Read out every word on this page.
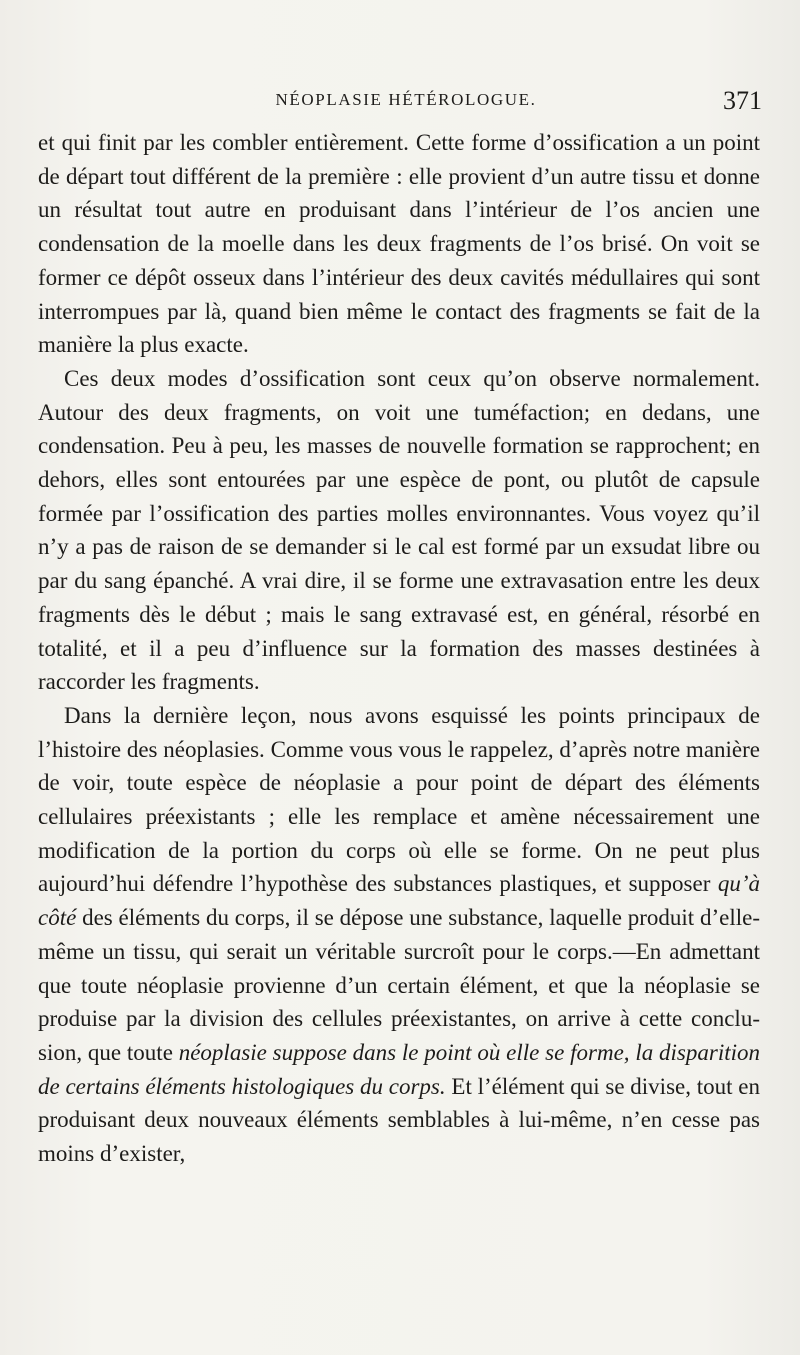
NÉOPLASIE HÉTÉROLOGUE.	371

et qui finit par les combler entièrement. Cette forme d’ossification a un point de départ tout différent de la première : elle provient d’un autre tissu et donne un résultat tout autre en produisant dans l’intérieur de l’os ancien une condensation de la moelle dans les deux fragments de l’os brisé. On voit se former ce dépôt osseux dans l’intérieur des deux cavités médullaires qui sont interrompues par là, quand bien même le contact des fragments se fait de la manière la plus exacte.

Ces deux modes d’ossification sont ceux qu’on observe normalement. Autour des deux fragments, on voit une tuméfaction; en dedans, une condensation. Peu à peu, les masses de nouvelle formation se rapprochent; en dehors, elles sont entourées par une espèce de pont, ou plutôt de capsule formée par l’ossification des parties molles environnantes. Vous voyez qu’il n’y a pas de raison de se demander si le cal est formé par un exsudat libre ou par du sang épanché. A vrai dire, il se forme une extravasation entre les deux fragments dès le début ; mais le sang extravasé est, en général, résorbé en totalité, et il a peu d’influence sur la formation des masses destinées à raccorder les fragments.

Dans la dernière leçon, nous avons esquissé les points principaux de l’histoire des néoplasies. Comme vous vous le rappelez, d’après notre manière de voir, toute espèce de néoplasie a pour point de départ des éléments cellulaires préexistants ; elle les remplace et amène nécessairement une modification de la portion du corps où elle se forme. On ne peut plus aujourd’hui défendre l’hypothèse des substances plastiques, et supposer qu’à côté des éléments du corps, il se dépose une substance, laquelle produit d’elle-même un tissu, qui serait un véritable surcroît pour le corps.—En admettant que toute néoplasie provienne d’un certain élément, et que la néoplasie se produise par la division des cellules préexistantes, on arrive à cette conclusion, que toute néoplasie suppose dans le point où elle se forme, la disparition de certains éléments histologiques du corps. Et l’élément qui se divise, tout en produisant deux nouveaux éléments semblables à lui-même, n’en cesse pas moins d’exister,
